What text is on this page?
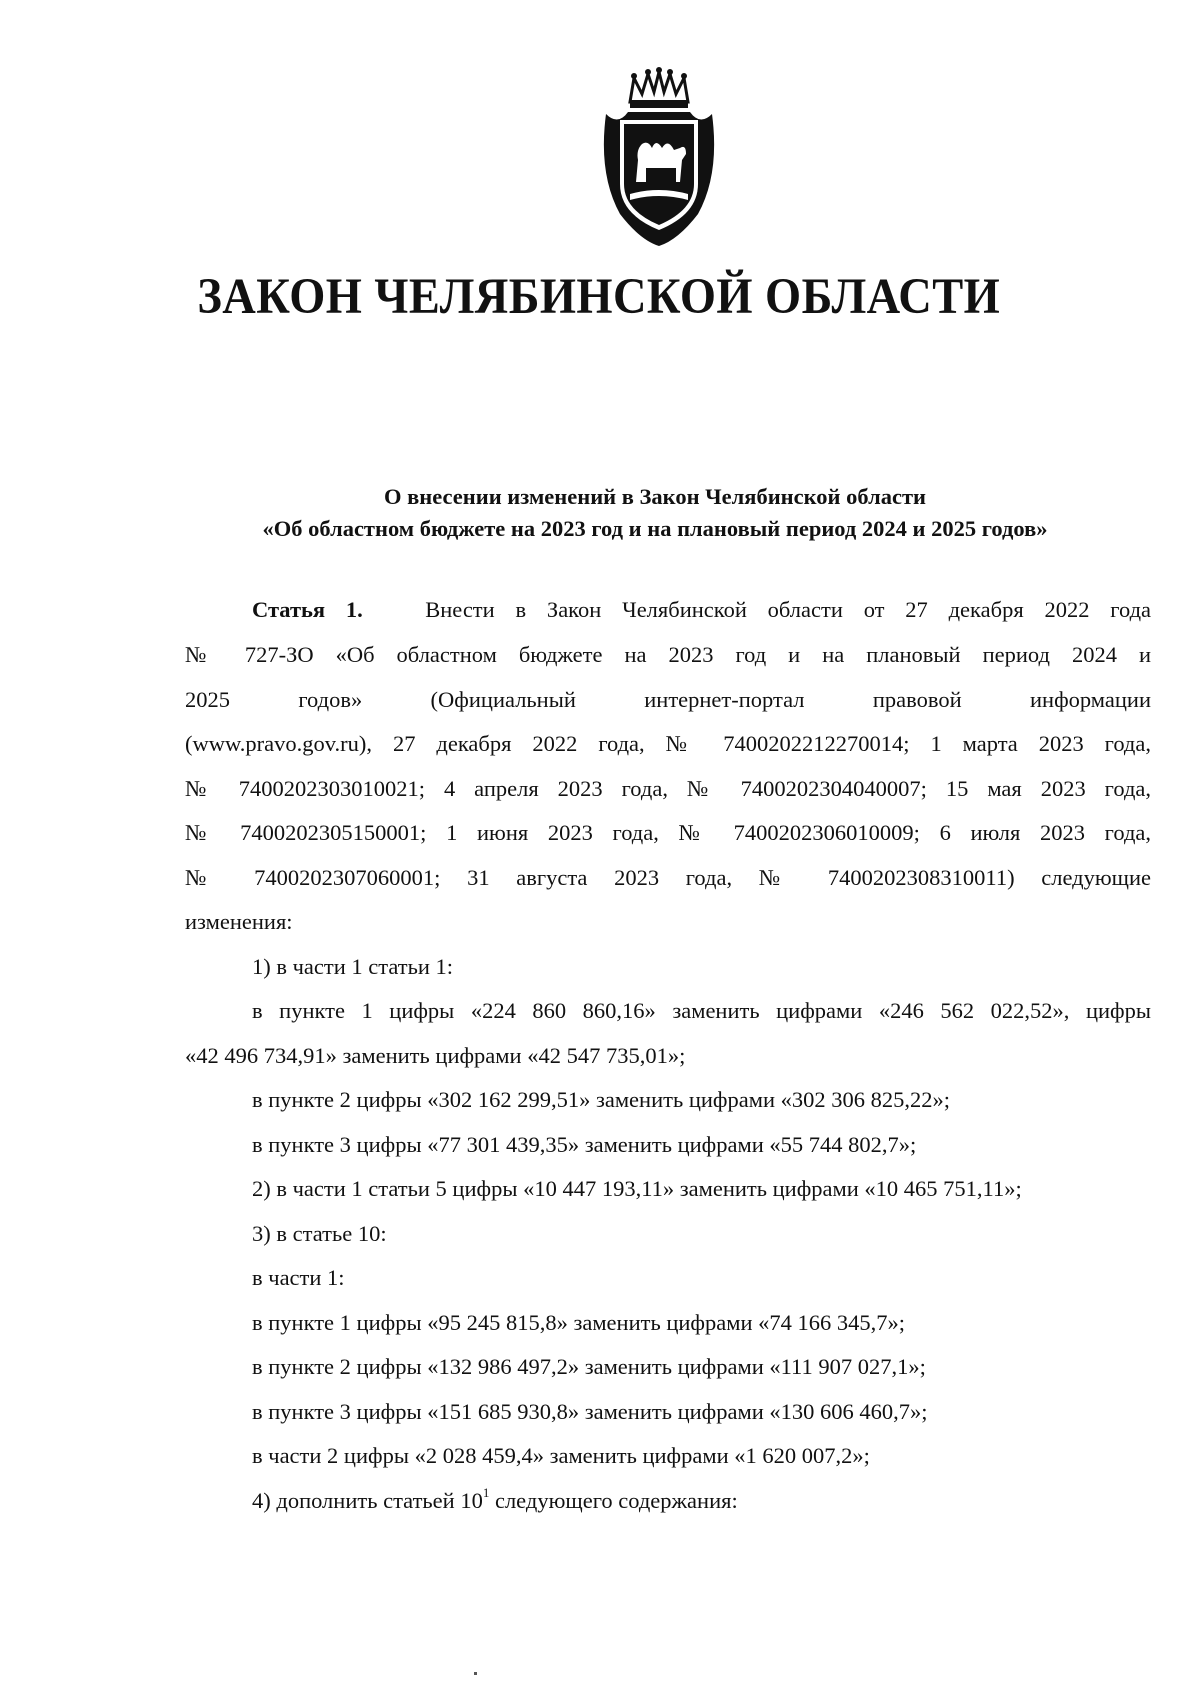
ЗАКОН ЧЕЛЯБИНСКОЙ ОБЛАСТИ

О внесении изменений в Закон Челябинской области

«Об областном бюджете на 2023 год и на плановый период 2024 и 2025 годов»

Статья 1.	Внести в Закон Челябинской области от 27 декабря 2022 года

№ 727-ЗО «Об областном бюджете на 2023 год и на плановый период 2024 и

2025 годов» (Официальный интернет-портал правовой информации

(www.pravo.gov.ru), 27 декабря 2022 года, № 7400202212270014; 1 марта 2023 года,

№ 7400202303010021; 4 апреля 2023 года, № 7400202304040007; 15 мая 2023 года,

№ 7400202305150001; 1 июня 2023 года, № 7400202306010009; 6 июля 2023 года,

№ 7400202307060001; 31 августа 2023 года, № 7400202308310011) следующие

изменения:

1) в части 1 статьи 1:

в пункте 1 цифры «224 860 860,16» заменить цифрами «246 562 022,52», цифры

«42 496 734,91» заменить цифрами «42 547 735,01»;

в пункте 2 цифры «302 162 299,51» заменить цифрами «302 306 825,22»;

в пункте 3 цифры «77 301 439,35» заменить цифрами «55 744 802,7»;

2) в части 1 статьи 5 цифры «10 447 193,11» заменить цифрами «10 465 751,11»;

3) в статье 10:

в части 1:

в пункте 1 цифры «95 245 815,8» заменить цифрами «74 166 345,7»;

в пункте 2 цифры «132 986 497,2» заменить цифрами «111 907 027,1»;

в пункте 3 цифры «151 685 930,8» заменить цифрами «130 606 460,7»;

в части 2 цифры «2 028 459,4» заменить цифрами «1 620 007,2»;

4) дополнить статьей $10^1$ следующего содержания:
